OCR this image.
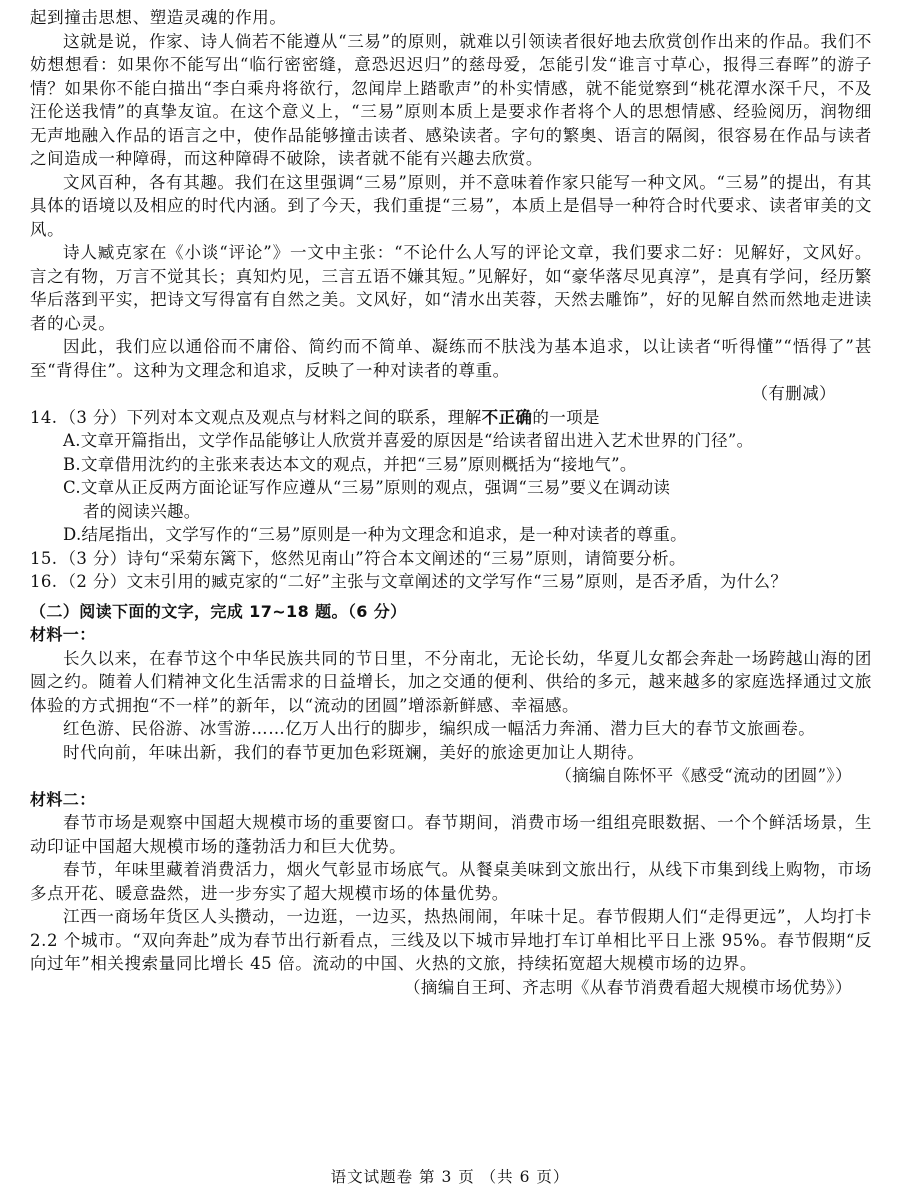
起到撞击思想、塑造灵魂的作用。
这就是说，作家、诗人倘若不能遵从“三易”的原则，就难以引领读者很好地去欣赏创作出来的作品。我们不妨想想看：如果你不能写出“临行密密缝，意恐迟迟归”的慈母爱，怎能引发“谁言寸草心，报得三春晖”的游子情？如果你不能白描出“李白乘舟将欲行，忽闻岸上踏歌声”的朴实情感，就不能觉察到“桃花潭水深千尺，不及汪伦送我情”的真挚友谊。在这个意义上，“三易”原则本质上是要求作者将个人的思想情感、经验阅历，润物细无声地融入作品的语言之中，使作品能够撞击读者、感染读者。字句的繁奥、语言的隔阂，很容易在作品与读者之间造成一种障碍，而这种障碍不破除，读者就不能有兴趣去欣赏。
文风百种，各有其趣。我们在这里强调“三易”原则，并不意味着作家只能写一种文风。“三易”的提出，有其具体的语境以及相应的时代内涵。到了今天，我们重提“三易”，本质上是倡导一种符合时代要求、读者审美的文风。
诗人臧克家在《小谈“评论”》一文中主张：“不论什么人写的评论文章，我们要求二好：见解好，文风好。言之有物，万言不觉其长；真知灼见，三言五语不嫌其短。”见解好，如“豪华落尽见真淳”，是真有学问，经历繁华后落到平实，把诗文写得富有自然之美。文风好，如“清水出芙蓉，天然去雕饰”，好的见解自然而然地走进读者的心灵。
因此，我们应以通俗而不庸俗、简约而不简单、凝练而不肤浅为基本追求，以让读者“听得懂”“悟得了”甚至“背得住”。这种为文理念和追求，反映了一种对读者的尊重。
（有删减）
14. （3 分）下列对本文观点及观点与材料之间的联系，理解不正确的一项是
A.文章开篇指出，文学作品能够让人欣赏并喜爱的原因是“给读者留出进入艺术世界的门径”。
B.文章借用沈约的主张来表达本文的观点，并把“三易”原则概括为“接地气”。
C.文章从正反两方面论证写作应遵从“三易”原则的观点，强调“三易”要义在调动读
者的阅读兴趣。
D.结尾指出，文学写作的“三易”原则是一种为文理念和追求，是一种对读者的尊重。
15. （3 分）诗句“采菊东篱下，悠然见南山”符合本文阐述的“三易”原则，请简要分析。
16. （2 分）文末引用的臧克家的“二好”主张与文章阐述的文学写作“三易”原则，是否矛盾，为什么？
（二）阅读下面的文字，完成 17~18 题。（6 分）
材料一：
长久以来，在春节这个中华民族共同的节日里，不分南北，无论长幼，华夏儿女都会奔赴一场跨越山海的团圆之约。随着人们精神文化生活需求的日益增长，加之交通的便利、供给的多元，越来越多的家庭选择通过文旅体验的方式拥抱“不一样”的新年，以“流动的团圆”增添新鲜感、幸福感。
红色游、民俗游、冰雪游……亿万人出行的脚步，编织成一幅活力奔涌、潜力巨大的春节文旅画卷。
时代向前，年味出新，我们的春节更加色彩斑斓，美好的旅途更加让人期待。
（摘编自陈怀平《感受“流动的团圆”》）
材料二：
春节市场是观察中国超大规模市场的重要窗口。春节期间，消费市场一组组亮眼数据、一个个鲜活场景，生动印证中国超大规模市场的蓬勃活力和巨大优势。
春节，年味里藏着消费活力，烟火气彰显市场底气。从餐桌美味到文旅出行，从线下市集到线上购物，市场多点开花、暖意盎然，进一步夯实了超大规模市场的体量优势。
江西一商场年货区人头攒动，一边逛，一边买，热热闹闹，年味十足。春节假期人们“走得更远”，人均打卡 2.2 个城市。“双向奔赴”成为春节出行新看点，三线及以下城市异地打车订单相比平日上涨 95%。春节假期“反向过年”相关搜索量同比增长 45 倍。流动的中国、火热的文旅，持续拓宽超大规模市场的边界。
（摘编自王珂、齐志明《从春节消费看超大规模市场优势》）
语文试题卷 第 3 页 （共 6 页）
